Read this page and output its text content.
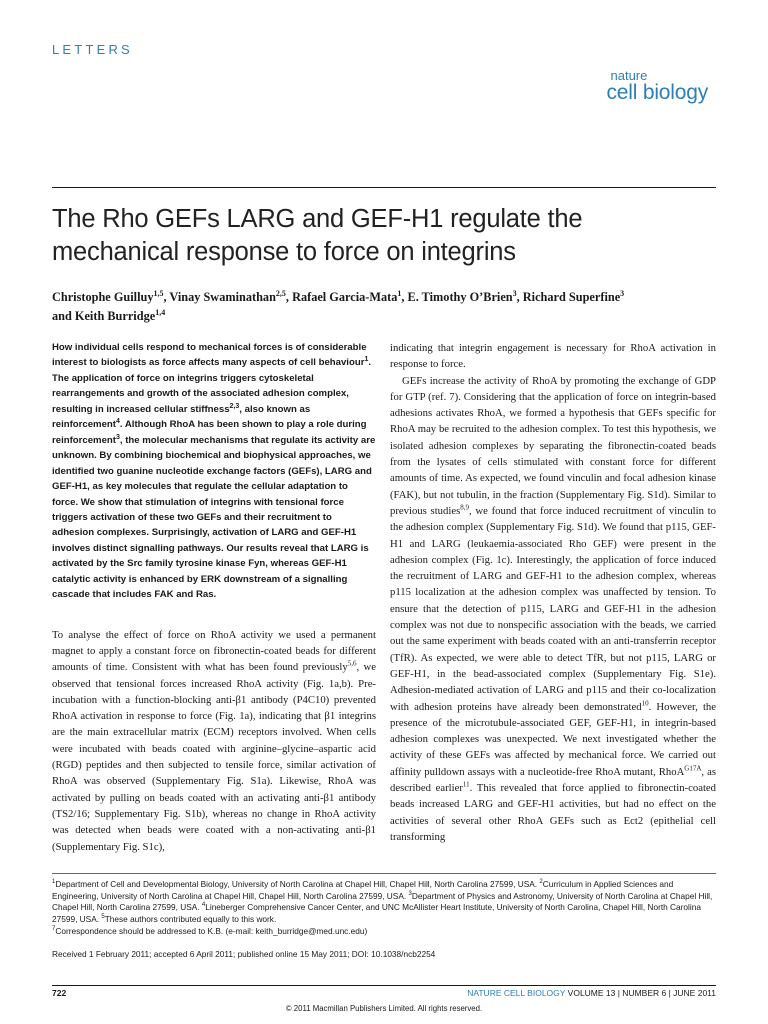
LETTERS
nature
cell biology
The Rho GEFs LARG and GEF-H1 regulate the mechanical response to force on integrins
Christophe Guilluy$^{1,5}$, Vinay Swaminathan$^{2,5}$, Rafael Garcia-Mata$^1$, E. Timothy O’Brien$^3$, Richard Superfine$^3$
and Keith Burridge$^{1,4}$
How individual cells respond to mechanical forces is of considerable interest to biologists as force affects many aspects of cell behaviour$^1$. The application of force on integrins triggers cytoskeletal rearrangements and growth of the associated adhesion complex, resulting in increased cellular stiffness$^{2,3}$, also known as reinforcement$^4$. Although RhoA has been shown to play a role during reinforcement$^3$, the molecular mechanisms that regulate its activity are unknown. By combining biochemical and biophysical approaches, we identified two guanine nucleotide exchange factors (GEFs), LARG and GEF-H1, as key molecules that regulate the cellular adaptation to force. We show that stimulation of integrins with tensional force triggers activation of these two GEFs and their recruitment to adhesion complexes. Surprisingly, activation of LARG and GEF-H1 involves distinct signalling pathways. Our results reveal that LARG is activated by the Src family tyrosine kinase Fyn, whereas GEF-H1 catalytic activity is enhanced by ERK downstream of a signalling cascade that includes FAK and Ras.

To analyse the effect of force on RhoA activity we used a permanent magnet to apply a constant force on fibronectin-coated beads for different amounts of time. Consistent with what has been found previously$^{5,6}$, we observed that tensional forces increased RhoA activity (Fig. 1a,b). Pre-incubation with a function-blocking anti-β1 antibody (P4C10) prevented RhoA activation in response to force (Fig. 1a), indicating that β1 integrins are the main extracellular matrix (ECM) receptors involved. When cells were incubated with beads coated with arginine–glycine–aspartic acid (RGD) peptides and then subjected to tensile force, similar activation of RhoA was observed (Supplementary Fig. S1a). Likewise, RhoA was activated by pulling on beads coated with an activating anti-β1 antibody (TS2/16; Supplementary Fig. S1b), whereas no change in RhoA activity was detected when beads were coated with a non-activating anti-β1 (Supplementary Fig. S1c),

indicating that integrin engagement is necessary for RhoA activation in response to force.

GEFs increase the activity of RhoA by promoting the exchange of GDP for GTP (ref. 7). Considering that the application of force on integrin-based adhesions activates RhoA, we formed a hypothesis that GEFs specific for RhoA may be recruited to the adhesion complex. To test this hypothesis, we isolated adhesion complexes by separating the fibronectin-coated beads from the lysates of cells stimulated with constant force for different amounts of time. As expected, we found vinculin and focal adhesion kinase (FAK), but not tubulin, in the fraction (Supplementary Fig. S1d). Similar to previous studies$^{8,9}$, we found that force induced recruitment of vinculin to the adhesion complex (Supplementary Fig. S1d). We found that p115, GEF-H1 and LARG (leukaemia-associated Rho GEF) were present in the adhesion complex (Fig. 1c). Interestingly, the application of force induced the recruitment of LARG and GEF-H1 to the adhesion complex, whereas p115 localization at the adhesion complex was unaffected by tension. To ensure that the detection of p115, LARG and GEF-H1 in the adhesion complex was not due to nonspecific association with the beads, we carried out the same experiment with beads coated with an anti-transferrin receptor (TfR). As expected, we were able to detect TfR, but not p115, LARG or GEF-H1, in the bead-associated complex (Supplementary Fig. S1e). Adhesion-mediated activation of LARG and p115 and their co-localization with adhesion proteins have already been demonstrated$^{10}$. However, the presence of the microtubule-associated GEF, GEF-H1, in integrin-based adhesion complexes was unexpected. We next investigated whether the activity of these GEFs was affected by mechanical force. We carried out affinity pulldown assays with a nucleotide-free RhoA mutant, RhoA$^{G17A}$, as described earlier$^{11}$. This revealed that force applied to fibronectin-coated beads increased LARG and GEF-H1 activities, but had no effect on the activities of several other RhoA GEFs such as Ect2 (epithelial cell transforming

$^1$Department of Cell and Developmental Biology, University of North Carolina at Chapel Hill, Chapel Hill, North Carolina 27599, USA. $^2$Curriculum in Applied Sciences and Engineering, University of North Carolina at Chapel Hill, Chapel Hill, North Carolina 27599, USA. $^3$Department of Physics and Astronomy, University of North Carolina at Chapel Hill, Chapel Hill, North Carolina 27599, USA. $^4$Lineberger Comprehensive Cancer Center, and UNC McAllister Heart Institute, University of North Carolina, Chapel Hill, North Carolina 27599, USA. $^5$These authors contributed equally to this work.
$^7$Correspondence should be addressed to K.B. (e-mail: keith_burridge@med.unc.edu)
Received 1 February 2011; accepted 6 April 2011; published online 15 May 2011; DOI: 10.1038/ncb2254
722	NATURE CELL BIOLOGY VOLUME 13 | NUMBER 6 | JUNE 2011
© 2011 Macmillan Publishers Limited. All rights reserved.
